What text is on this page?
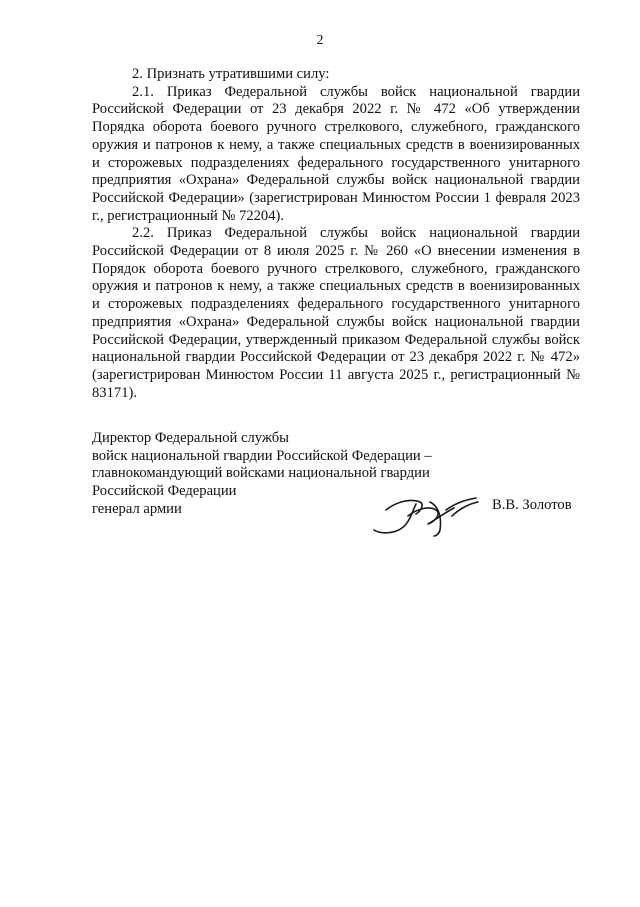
2

2. Признать утратившими силу:

2.1. Приказ Федеральной службы войск национальной гвардии Российской Федерации от 23 декабря 2022 г. № 472 «Об утверждении Порядка оборота боевого ручного стрелкового, служебного, гражданского оружия и патронов к нему, а также специальных средств в военизированных и сторожевых подразделениях федерального государственного унитарного предприятия «Охрана» Федеральной службы войск национальной гвардии Российской Федерации» (зарегистрирован Минюстом России 1 февраля 2023 г., регистрационный № 72204).

2.2. Приказ Федеральной службы войск национальной гвардии Российской Федерации от 8 июля 2025 г. № 260 «О внесении изменения в Порядок оборота боевого ручного стрелкового, служебного, гражданского оружия и патронов к нему, а также специальных средств в военизированных и сторожевых подразделениях федерального государственного унитарного предприятия «Охрана» Федеральной службы войск национальной гвардии Российской Федерации, утвержденный приказом Федеральной службы войск национальной гвардии Российской Федерации от 23 декабря 2022 г. № 472» (зарегистрирован Минюстом России 11 августа 2025 г., регистрационный № 83171).

Директор Федеральной службы
войск национальной гвардии Российской Федерации –
главнокомандующий войсками национальной гвардии
Российской Федерации
генерал армии	В.В. Золотов
